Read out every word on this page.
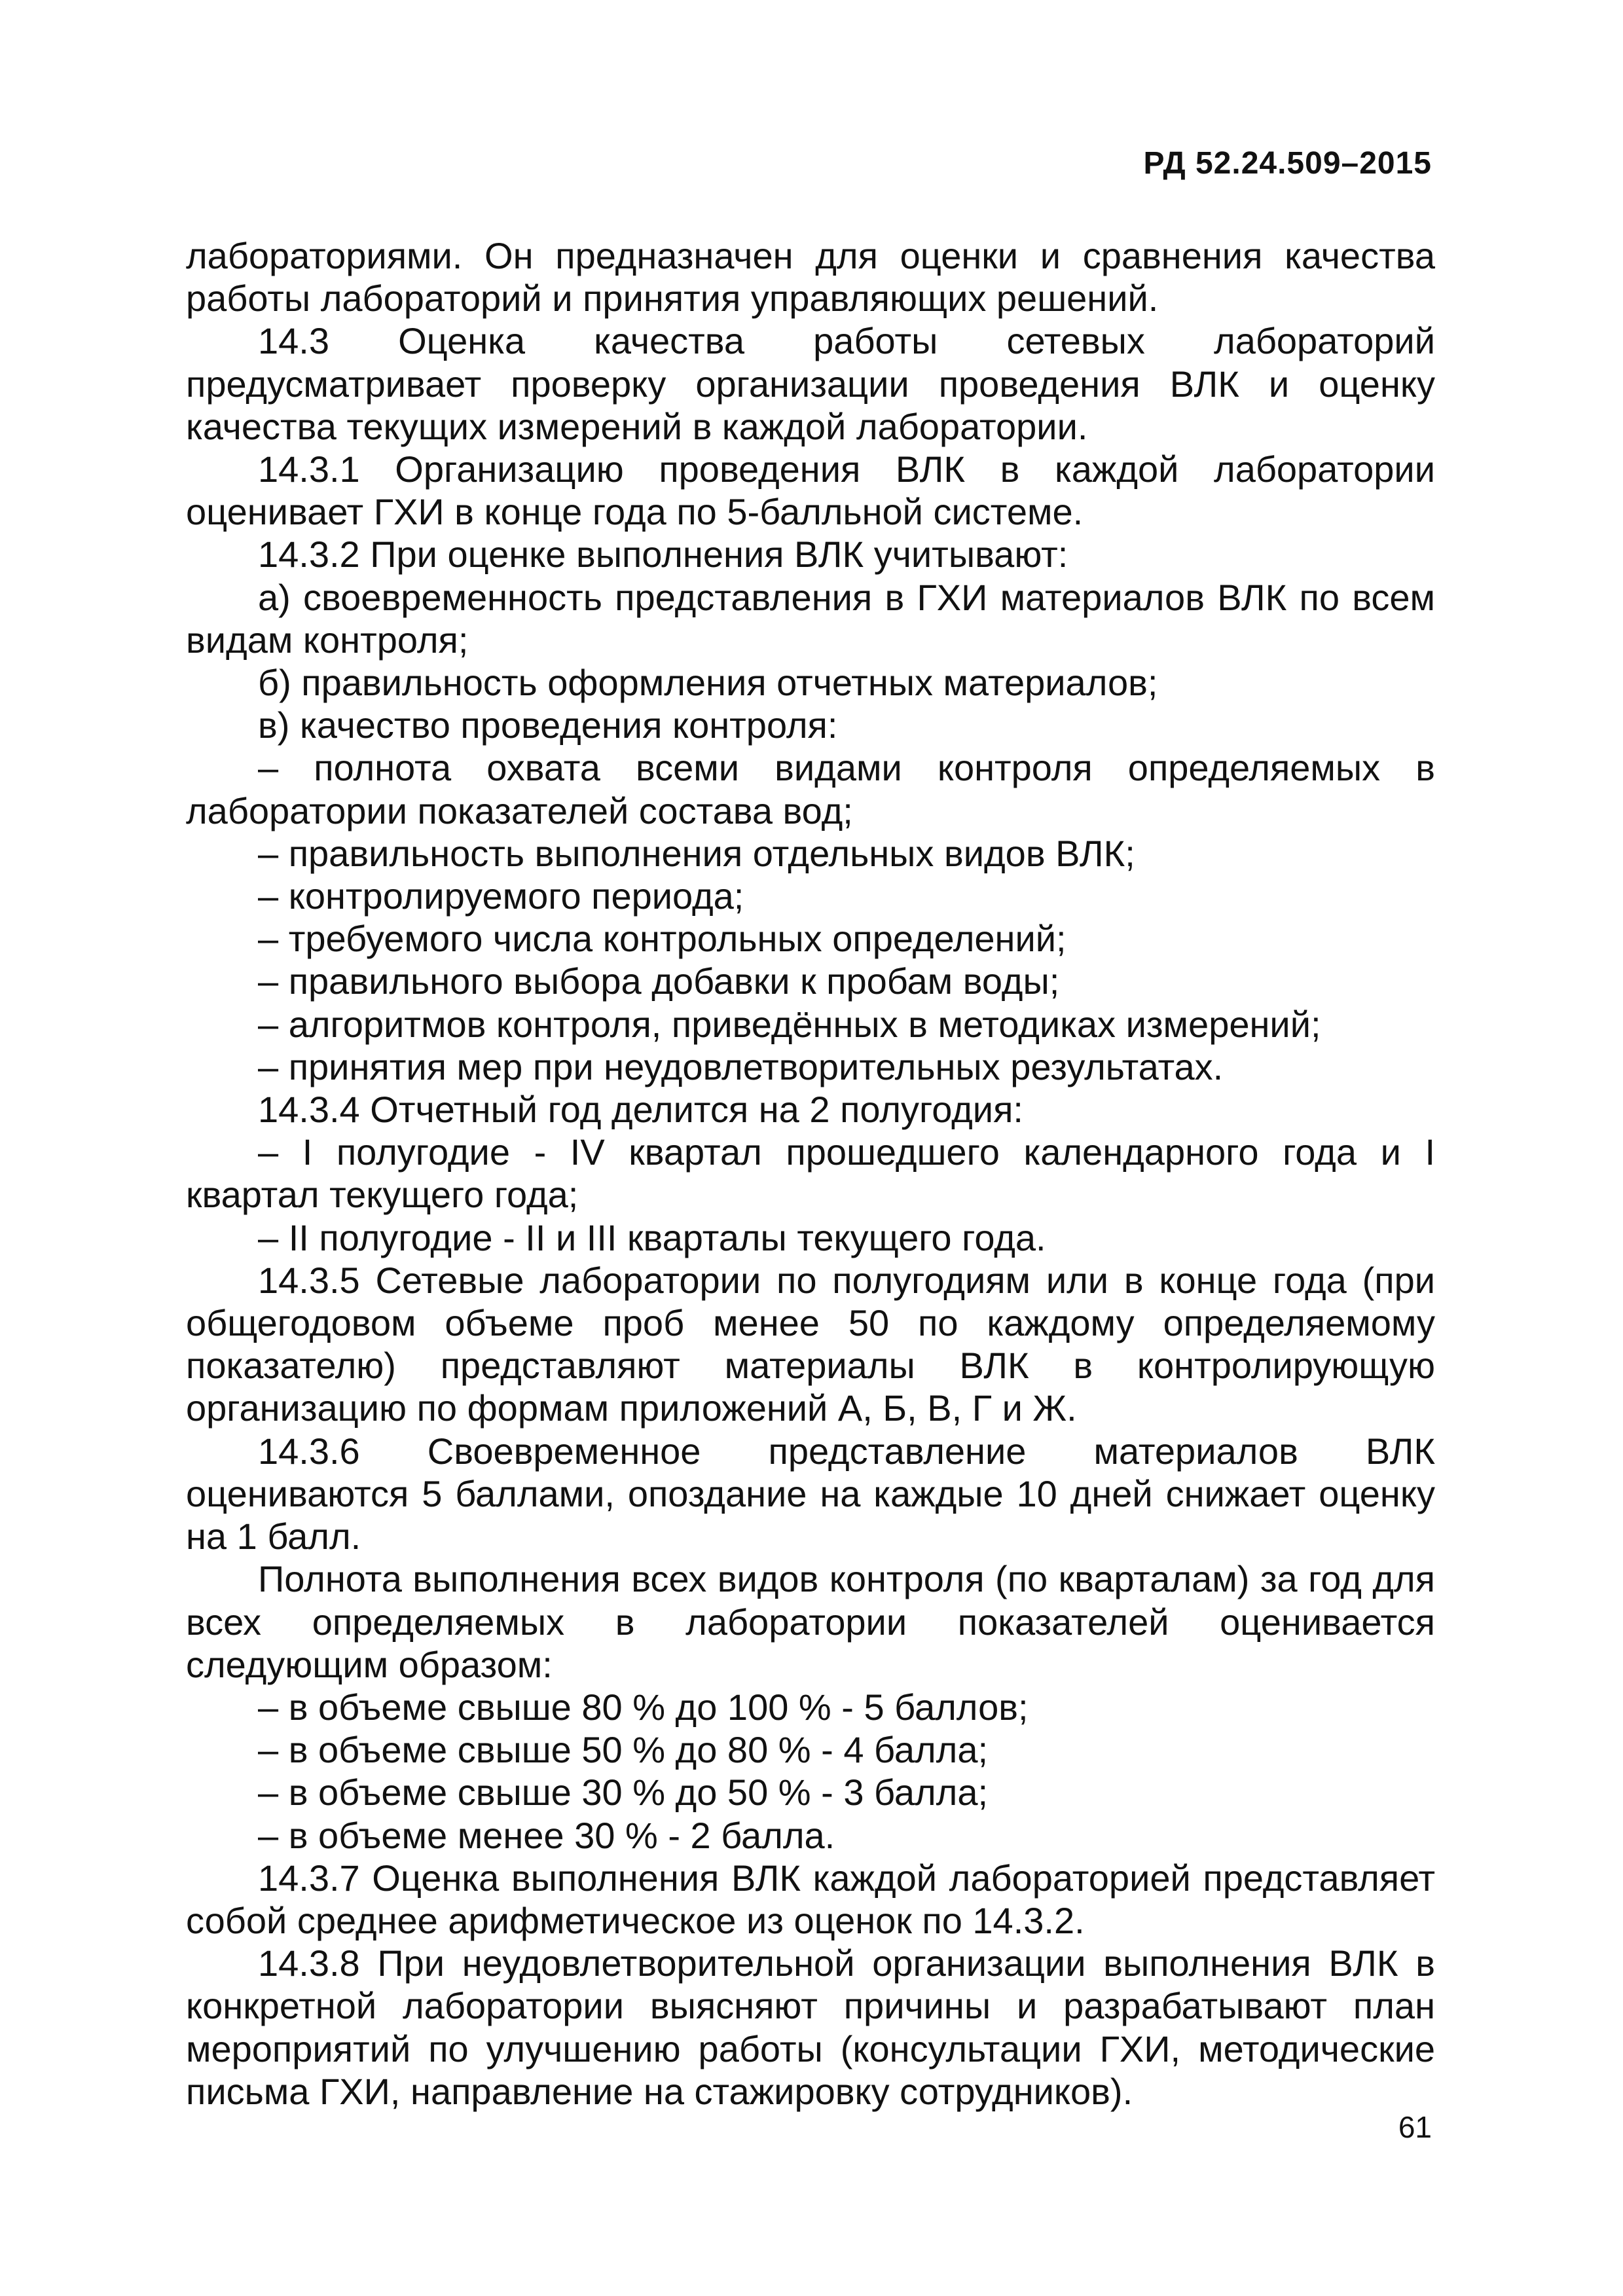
РД 52.24.509–2015

лабораториями. Он предназначен для оценки и сравнения качества работы лабораторий и принятия управляющих решений.

14.3 Оценка качества работы сетевых лабораторий предусматривает проверку организации проведения ВЛК и оценку качества текущих измерений в каждой лаборатории.

14.3.1 Организацию проведения ВЛК в каждой лаборатории оценивает ГХИ в конце года по 5-балльной системе.

14.3.2 При оценке выполнения ВЛК учитывают:

а) своевременность представления в ГХИ материалов ВЛК по всем видам контроля;

б) правильность оформления отчетных материалов;

в) качество проведения контроля:

– полнота охвата всеми видами контроля определяемых в лаборатории показателей состава вод;

– правильность выполнения отдельных видов ВЛК;

– контролируемого периода;

– требуемого числа контрольных определений;

– правильного выбора добавки к пробам воды;

– алгоритмов контроля, приведённых в методиках измерений;

– принятия мер при неудовлетворительных результатах.

14.3.4 Отчетный год делится на 2 полугодия:

– I полугодие - IV квартал прошедшего календарного года и I квартал текущего года;

– II полугодие - II и III кварталы текущего года.

14.3.5 Сетевые лаборатории по полугодиям или в конце года (при общегодовом объеме проб менее 50 по каждому определяемому показателю) представляют материалы ВЛК в контролирующую организацию по формам приложений А, Б, В, Г и Ж.

14.3.6 Своевременное представление материалов ВЛК оцениваются 5 баллами, опоздание на каждые 10 дней снижает оценку на 1 балл.

Полнота выполнения всех видов контроля (по кварталам) за год для всех определяемых в лаборатории показателей оценивается следующим образом:

– в объеме свыше 80 % до 100 % - 5 баллов;

– в объеме свыше 50 % до 80 % - 4 балла;

– в объеме свыше 30 % до 50 % - 3 балла;

– в объеме менее 30 % - 2 балла.

14.3.7 Оценка выполнения ВЛК каждой лабораторией представляет собой среднее арифметическое из оценок по 14.3.2.

14.3.8 При неудовлетворительной организации выполнения ВЛК в конкретной лаборатории выясняют причины и разрабатывают план мероприятий по улучшению работы (консультации ГХИ, методические письма ГХИ, направление на стажировку сотрудников).

61
